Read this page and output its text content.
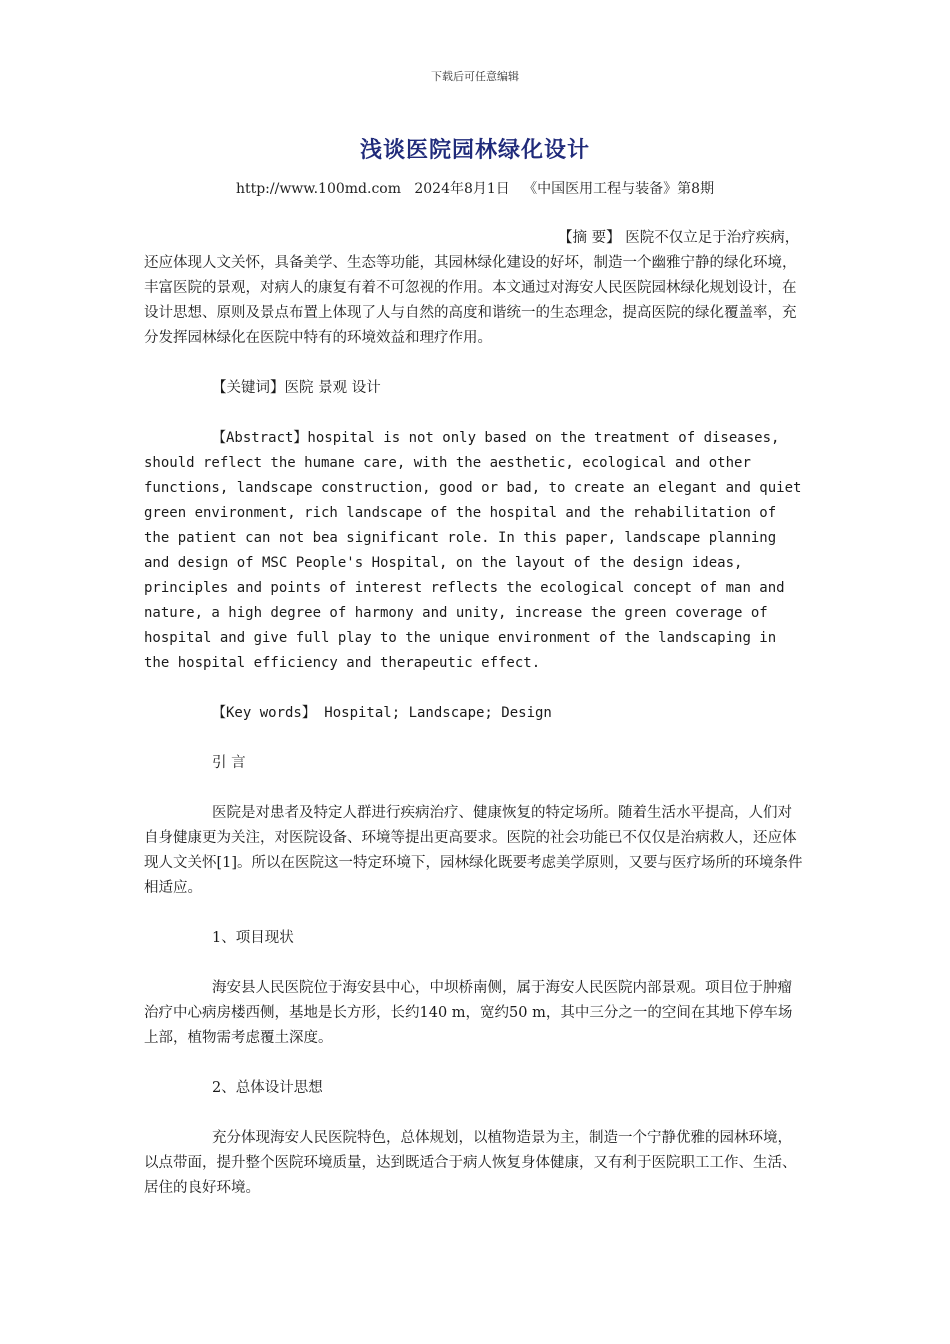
下载后可任意编辑
浅谈医院园林绿化设计
http://www.100md.com   2024年8月1日   《中国医用工程与装备》第8期

【摘 要】 医院不仅立足于治疗疾病，还应体现人文关怀，具备美学、生态等功能，其园林绿化建设的好坏，制造一个幽雅宁静的绿化环境，丰富医院的景观，对病人的康复有着不可忽视的作用。本文通过对海安人民医院园林绿化规划设计，在设计思想、原则及景点布置上体现了人与自然的高度和谐统一的生态理念，提高医院的绿化覆盖率，充分发挥园林绿化在医院中特有的环境效益和理疗作用。

【关键词】医院 景观 设计

【Abstract】hospital is not only based on the treatment of diseases, should reflect the humane care, with the aesthetic, ecological and other functions, landscape construction, good or bad, to create an elegant and quiet green environment, rich landscape of the hospital and the rehabilitation of the patient can not bea significant role. In this paper, landscape planning and design of MSC People's Hospital, on the layout of the design ideas, principles and points of interest reflects the ecological concept of man and nature, a high degree of harmony and unity, increase the green coverage of hospital and give full play to the unique environment of the landscaping in the hospital efficiency and therapeutic effect.

【Key words】 Hospital; Landscape; Design

引 言

医院是对患者及特定人群进行疾病治疗、健康恢复的特定场所。随着生活水平提高，人们对自身健康更为关注，对医院设备、环境等提出更高要求。医院的社会功能已不仅仅是治病救人，还应体现人文关怀[1]。所以在医院这一特定环境下，园林绿化既要考虑美学原则，又要与医疗场所的环境条件相适应。

1、项目现状

海安县人民医院位于海安县中心，中坝桥南侧，属于海安人民医院内部景观。项目位于肿瘤治疗中心病房楼西侧，基地是长方形，长约140 m，宽约50 m，其中三分之一的空间在其地下停车场上部，植物需考虑覆土深度。

2、总体设计思想

充分体现海安人民医院特色，总体规划，以植物造景为主，制造一个宁静优雅的园林环境，以点带面，提升整个医院环境质量，达到既适合于病人恢复身体健康，又有利于医院职工工作、生活、居住的良好环境。
